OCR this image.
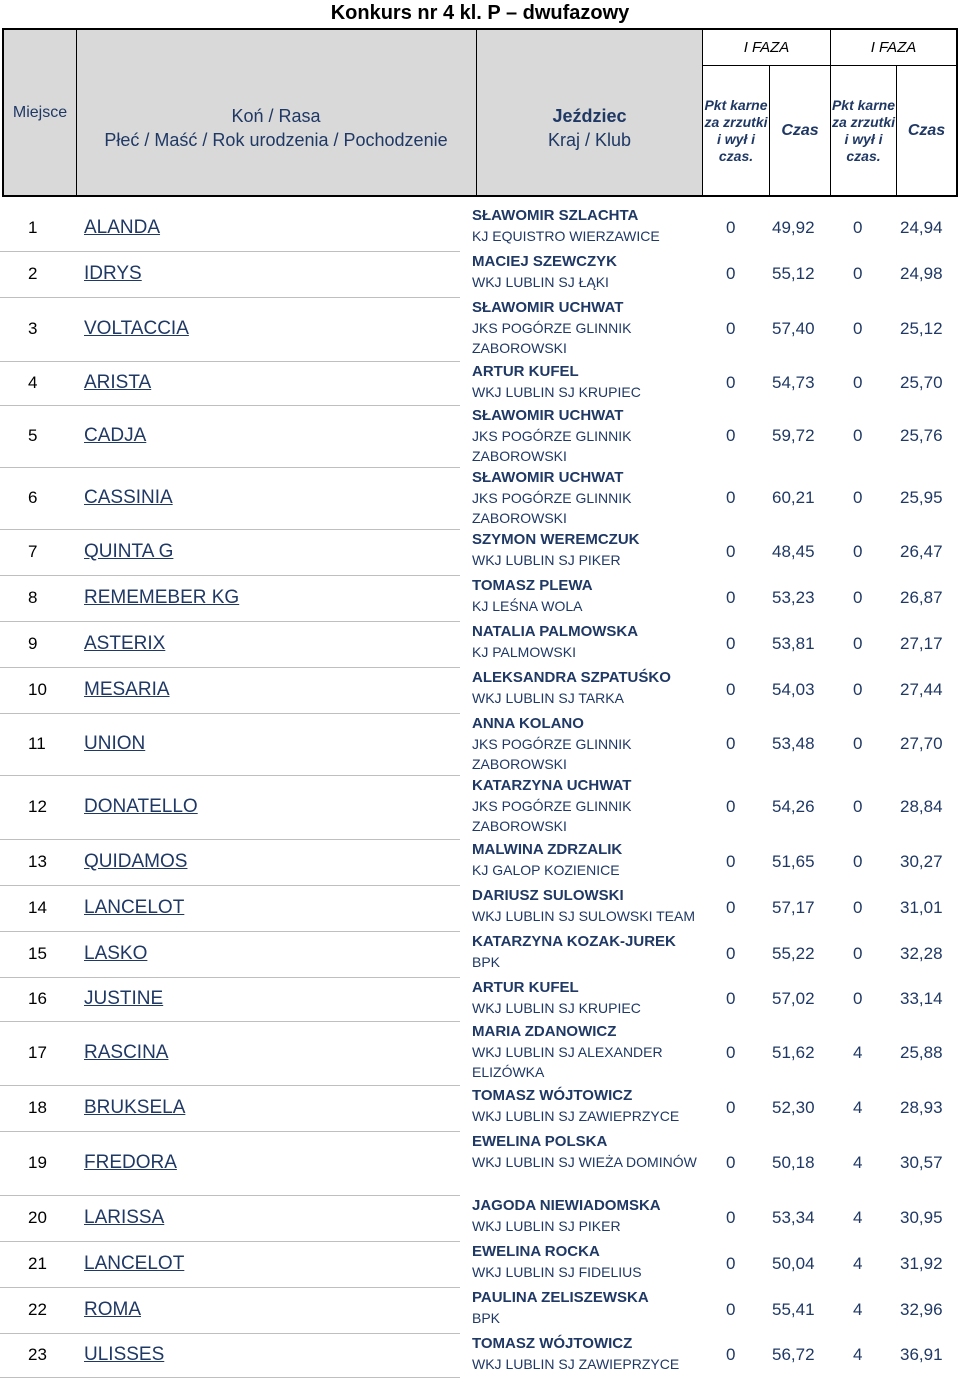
Konkurs nr 4 kl. P – dwufazowy
Miejsce	Koń / Rasa
Płeć / Maść / Rok urodzenia / Pochodzenie
Jeździec
Kraj / Klub
I FAZA	I FAZA
Pkt karne za zrzutki i wył i czas.
Czas
Pkt karne za zrzutki i wył i czas.
Czas
1 ALANDA
SŁAWOMIR SZLACHTA
KJ EQUISTRO WIERZAWICE	0 49,92 0 24,94
2 IDRYS
MACIEJ SZEWCZYK
WKJ LUBLIN SJ ŁĄKI	0 55,12 0 24,98
3 VOLTACCIA
SŁAWOMIR UCHWAT
JKS POGÓRZE GLINNIK ZABOROWSKI
0 57,40 0 25,12
4 ARISTA
ARTUR KUFEL
WKJ LUBLIN SJ KRUPIEC	0 54,73 0 25,70
5 CADJA
SŁAWOMIR UCHWAT
JKS POGÓRZE GLINNIK ZABOROWSKI
0 59,72 0 25,76
6 CASSINIA
SŁAWOMIR UCHWAT
JKS POGÓRZE GLINNIK ZABOROWSKI
0 60,21 0 25,95
7 QUINTA G
SZYMON WEREMCZUK
WKJ LUBLIN SJ PIKER	0 48,45 0 26,47
8 REMEMEBER KG
TOMASZ PLEWA
KJ LEŚNA WOLA	0 53,23 0 26,87
9 ASTERIX
NATALIA PALMOWSKA
KJ PALMOWSKI	0 53,81 0 27,17
10 MESARIA
ALEKSANDRA SZPATUŚKO
WKJ LUBLIN SJ TARKA	0 54,03 0 27,44
11 UNION
ANNA KOLANO
JKS POGÓRZE GLINNIK ZABOROWSKI
0 53,48 0 27,70
12 DONATELLO
KATARZYNA UCHWAT
JKS POGÓRZE GLINNIK ZABOROWSKI
0 54,26 0 28,84
13 QUIDAMOS
MALWINA ZDRZALIK
KJ GALOP KOZIENICE	0 51,65 0 30,27
14 LANCELOT
DARIUSZ SULOWSKI
WKJ LUBLIN SJ SULOWSKI TEAM	0 57,17 0 31,01
15 LASKO
KATARZYNA KOZAK-JUREK
BPK	0 55,22 0 32,28
16 JUSTINE
ARTUR KUFEL
WKJ LUBLIN SJ KRUPIEC	0 57,02 0 33,14
17 RASCINA
MARIA ZDANOWICZ
WKJ LUBLIN SJ ALEXANDER ELIZÓWKA
0 51,62 4 25,88
18 BRUKSELA
TOMASZ WÓJTOWICZ
WKJ LUBLIN SJ ZAWIEPRZYCE	0 52,30 4 28,93
19 FREDORA
EWELINA POLSKA
WKJ LUBLIN SJ WIEŻA DOMINÓW	0 50,18 4 30,57
20 LARISSA
JAGODA NIEWIADOMSKA
WKJ LUBLIN SJ PIKER	0 53,34 4 30,95
21 LANCELOT
EWELINA ROCKA
WKJ LUBLIN SJ FIDELIUS	0 50,04 4 31,92
22 ROMA
PAULINA ZELISZEWSKA
BPK	0 55,41 4 32,96
23 ULISSES
TOMASZ WÓJTOWICZ
WKJ LUBLIN SJ ZAWIEPRZYCE	0 56,72 4 36,91
